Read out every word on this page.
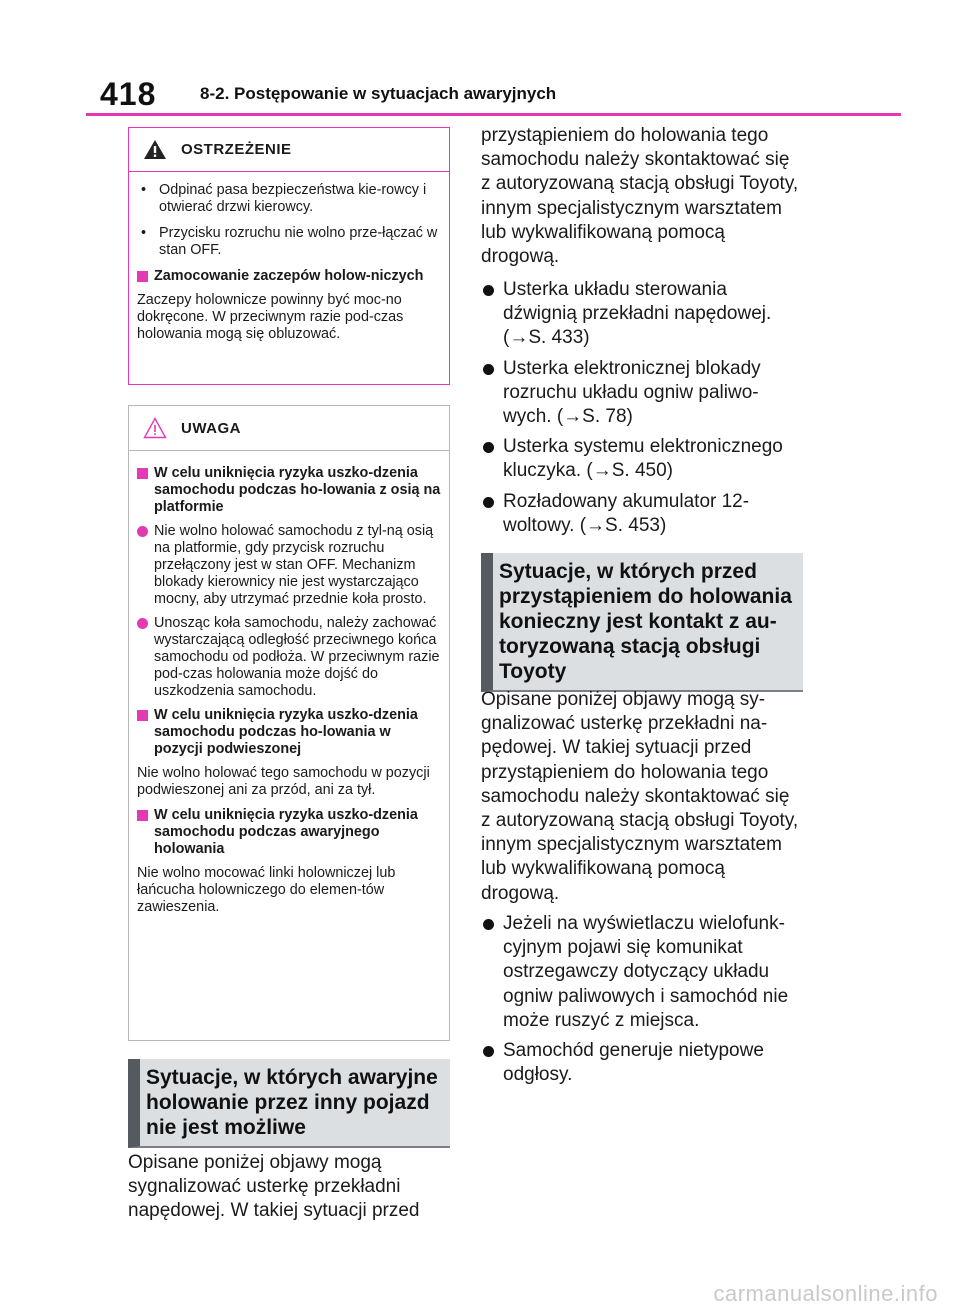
418	8-2. Postępowanie w sytuacjach awaryjnych
OSTRZEŻENIE
• Odpinać pasa bezpieczeństwa kie-rowcy i otwierać drzwi kierowcy.
• Przycisku rozruchu nie wolno prze-łączać w stan OFF.
Zamocowanie zaczepów holow-niczych
Zaczepy holownicze powinny być moc-no dokręcone. W przeciwnym razie pod-czas holowania mogą się obluzować.
UWAGA
W celu uniknięcia ryzyka uszko-dzenia samochodu podczas ho-lowania z osią na platformie
Nie wolno holować samochodu z tyl-ną osią na platformie, gdy przycisk rozruchu przełączony jest w stan OFF. Mechanizm blokady kierownicy nie jest wystarczająco mocny, aby utrzymać przednie koła prosto.
Unosząc koła samochodu, należy zachować wystarczającą odległość przeciwnego końca samochodu od podłoża. W przeciwnym razie pod-czas holowania może dojść do uszkodzenia samochodu.
W celu uniknięcia ryzyka uszko-dzenia samochodu podczas ho-lowania w pozycji podwieszonej
Nie wolno holować tego samochodu w pozycji podwieszonej ani za przód, ani za tył.
W celu uniknięcia ryzyka uszko-dzenia samochodu podczas awaryjnego holowania
Nie wolno mocować linki holowniczej lub łańcucha holowniczego do elemen-tów zawieszenia.
Sytuacje, w których awaryjne holowanie przez inny pojazd nie jest możliwe
Opisane poniżej objawy mogą sygnalizować usterkę przekładni napędowej. W takiej sytuacji przed
przystąpieniem do holowania tego samochodu należy skontaktować się z autoryzowaną stacją obsługi Toyoty, innym specjalistycznym warsztatem lub wykwalifikowaną pomocą drogową.
Usterka układu sterowania dźwignią przekładni napędowej. (→S. 433)
Usterka elektronicznej blokady rozruchu układu ogniw paliwo-wych. (→S. 78)
Usterka systemu elektronicznego kluczyka. (→S. 450)
Rozładowany akumulator 12-woltowy. (→S. 453)
Sytuacje, w których przed przystąpieniem do holowania konieczny jest kontakt z au-toryzowaną stacją obsługi Toyoty
Opisane poniżej objawy mogą sy-gnalizować usterkę przekładni na-pędowej. W takiej sytuacji przed przystąpieniem do holowania tego samochodu należy skontaktować się z autoryzowaną stacją obsługi Toyoty, innym specjalistycznym warsztatem lub wykwalifikowaną pomocą drogową.
Jeżeli na wyświetlaczu wielofunk-cyjnym pojawi się komunikat ostrzegawczy dotyczący układu ogniw paliwowych i samochód nie może ruszyć z miejsca.
Samochód generuje nietypowe odgłosy.
carmanualsonline.info
